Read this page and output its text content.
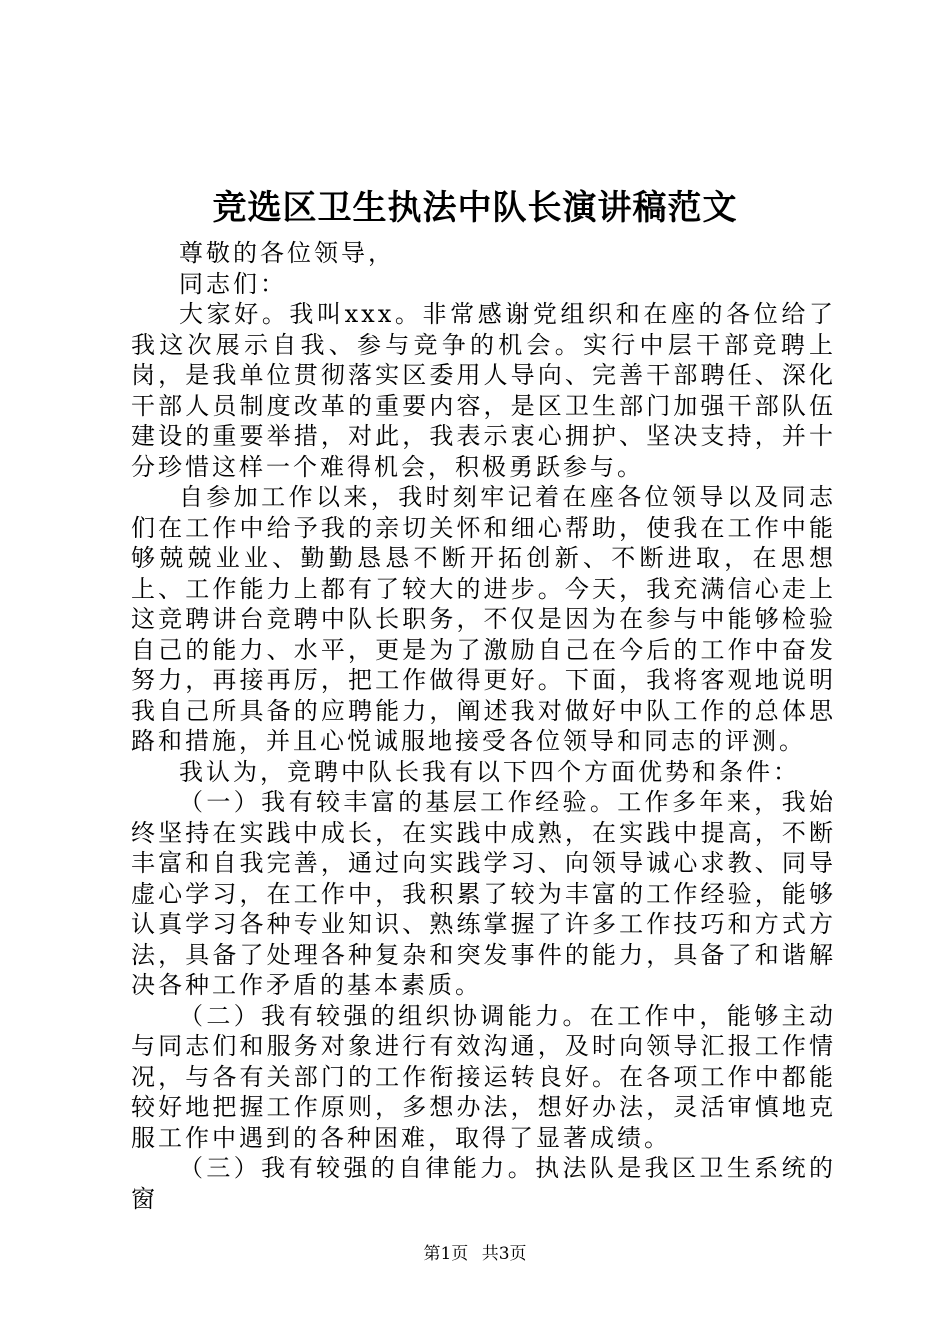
竞选区卫生执法中队长演讲稿范文

尊敬的各位领导，

同志们：

大家好。我叫xxx。非常感谢党组织和在座的各位给了我这次展示自我、参与竞争的机会。实行中层干部竞聘上岗，是我单位贯彻落实区委用人导向、完善干部聘任、深化干部人员制度改革的重要内容，是区卫生部门加强干部队伍建设的重要举措，对此，我表示衷心拥护、坚决支持，并十分珍惜这样一个难得机会，积极勇跃参与。

自参加工作以来，我时刻牢记着在座各位领导以及同志们在工作中给予我的亲切关怀和细心帮助，使我在工作中能够兢兢业业、勤勤恳恳不断开拓创新、不断进取，在思想上、工作能力上都有了较大的进步。今天，我充满信心走上这竞聘讲台竞聘中队长职务，不仅是因为在参与中能够检验自己的能力、水平，更是为了激励自己在今后的工作中奋发努力，再接再厉，把工作做得更好。下面，我将客观地说明我自己所具备的应聘能力，阐述我对做好中队工作的总体思路和措施，并且心悦诚服地接受各位领导和同志的评测。

我认为，竞聘中队长我有以下四个方面优势和条件：

（一）我有较丰富的基层工作经验。工作多年来，我始终坚持在实践中成长，在实践中成熟，在实践中提高，不断丰富和自我完善，通过向实践学习、向领导诚心求教、同导虚心学习，在工作中，我积累了较为丰富的工作经验，能够认真学习各种专业知识、熟练掌握了许多工作技巧和方式方法，具备了处理各种复杂和突发事件的能力，具备了和谐解决各种工作矛盾的基本素质。

（二）我有较强的组织协调能力。在工作中，能够主动与同志们和服务对象进行有效沟通，及时向领导汇报工作情况，与各有关部门的工作衔接运转良好。在各项工作中都能较好地把握工作原则，多想办法，想好办法，灵活审慎地克服工作中遇到的各种困难，取得了显著成绩。

（三）我有较强的自律能力。执法队是我区卫生系统的窗

第1页 共3页
